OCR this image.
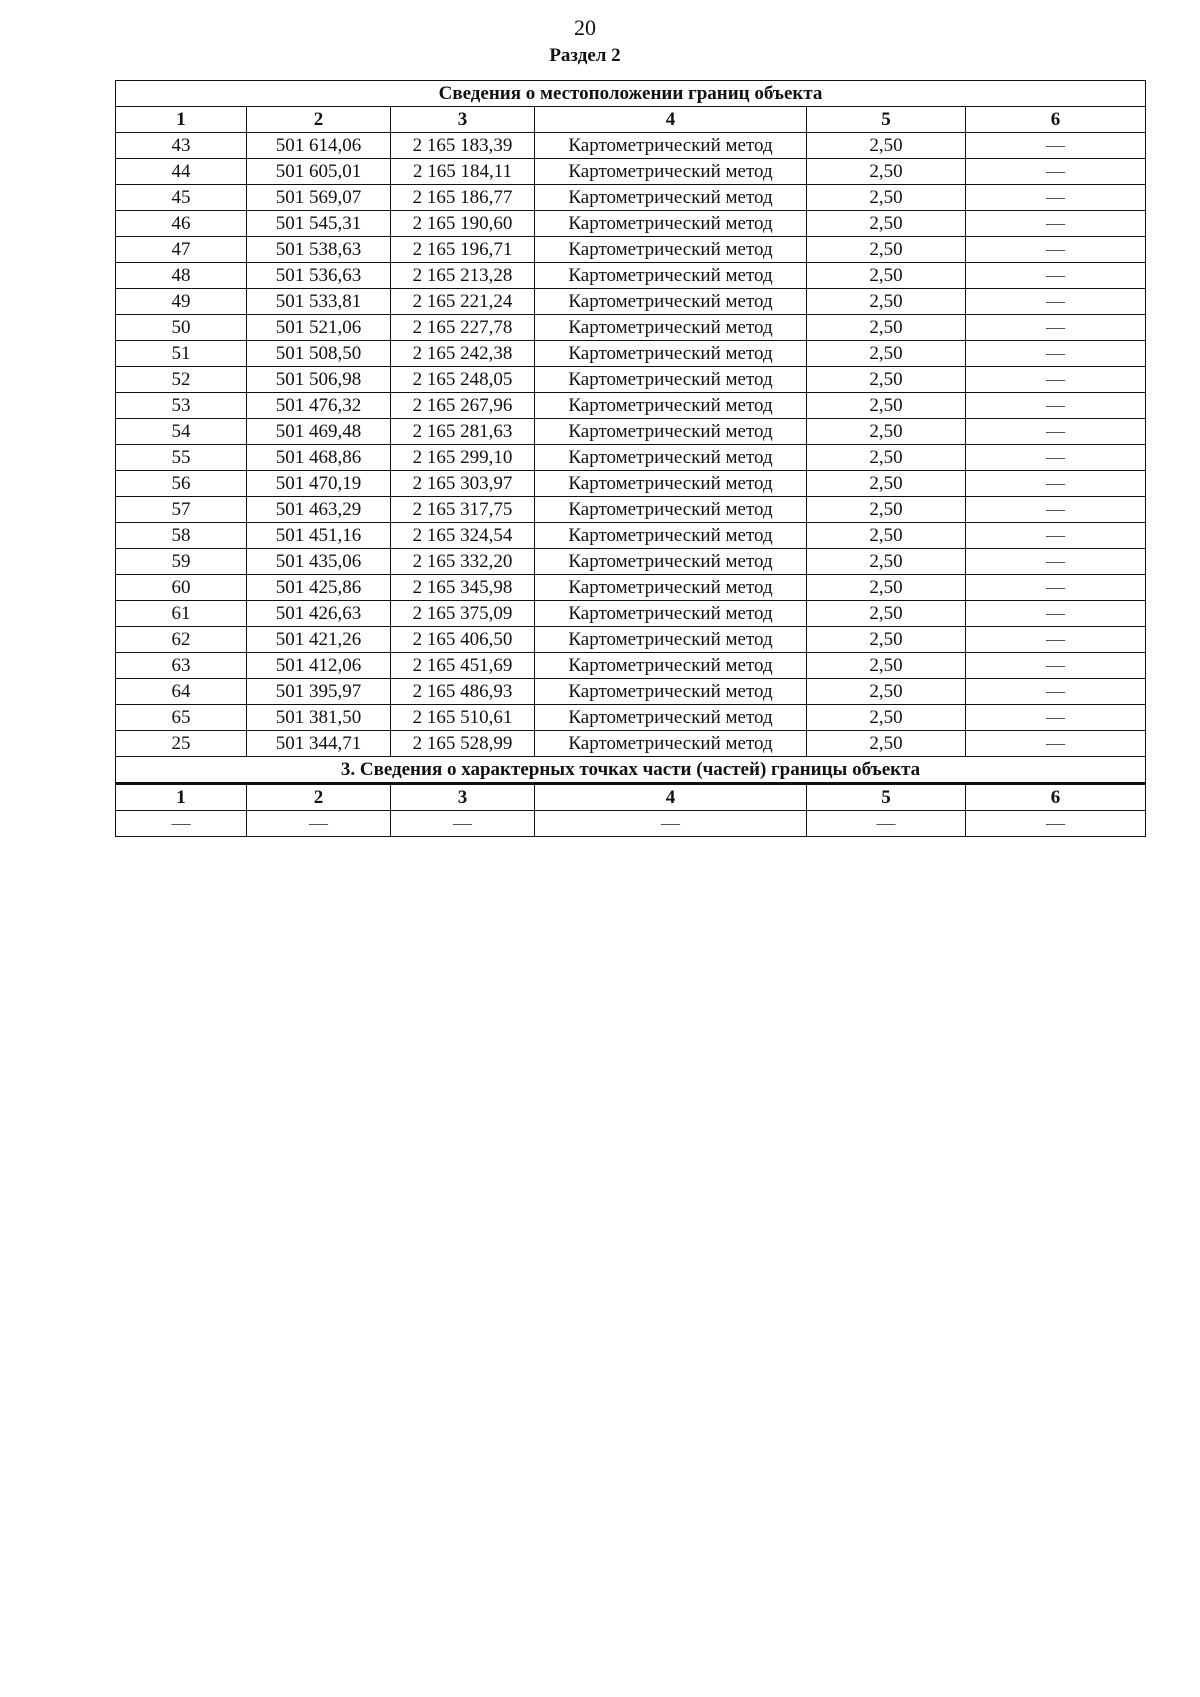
20
Раздел 2
Сведения о местоположении границ объекта					
1	2	3	4	5	6
43	501 614,06	2 165 183,39	Картометрический метод	2,50	—
44	501 605,01	2 165 184,11	Картометрический метод	2,50	—
45	501 569,07	2 165 186,77	Картометрический метод	2,50	—
46	501 545,31	2 165 190,60	Картометрический метод	2,50	—
47	501 538,63	2 165 196,71	Картометрический метод	2,50	—
48	501 536,63	2 165 213,28	Картометрический метод	2,50	—
49	501 533,81	2 165 221,24	Картометрический метод	2,50	—
50	501 521,06	2 165 227,78	Картометрический метод	2,50	—
51	501 508,50	2 165 242,38	Картометрический метод	2,50	—
52	501 506,98	2 165 248,05	Картометрический метод	2,50	—
53	501 476,32	2 165 267,96	Картометрический метод	2,50	—
54	501 469,48	2 165 281,63	Картометрический метод	2,50	—
55	501 468,86	2 165 299,10	Картометрический метод	2,50	—
56	501 470,19	2 165 303,97	Картометрический метод	2,50	—
57	501 463,29	2 165 317,75	Картометрический метод	2,50	—
58	501 451,16	2 165 324,54	Картометрический метод	2,50	—
59	501 435,06	2 165 332,20	Картометрический метод	2,50	—
60	501 425,86	2 165 345,98	Картометрический метод	2,50	—
61	501 426,63	2 165 375,09	Картометрический метод	2,50	—
62	501 421,26	2 165 406,50	Картометрический метод	2,50	—
63	501 412,06	2 165 451,69	Картометрический метод	2,50	—
64	501 395,97	2 165 486,93	Картометрический метод	2,50	—
65	501 381,50	2 165 510,61	Картометрический метод	2,50	—
25	501 344,71	2 165 528,99	Картометрический метод	2,50	—
3. Сведения о характерных точках части (частей) границы объекта					
1	2	3	4	5	6
—	—	—	—	—	—
